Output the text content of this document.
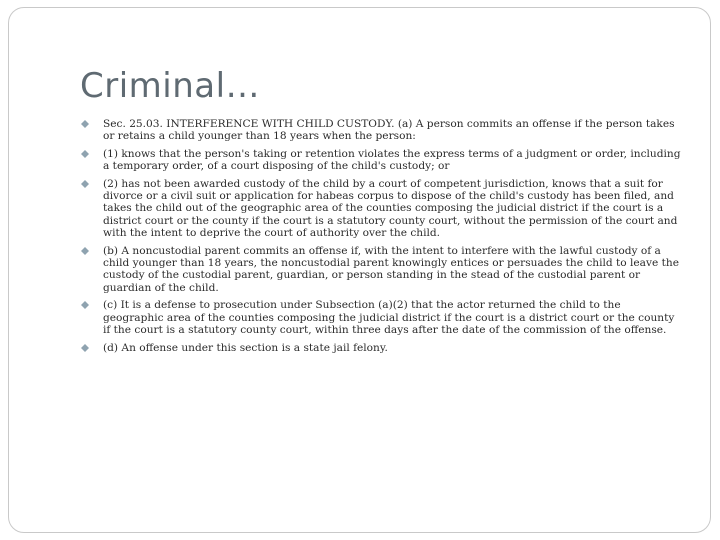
Criminal…
Sec. 25.03. INTERFERENCE WITH CHILD CUSTODY. (a) A person commits an offense if the person takes or retains a child younger than 18 years when the person:
(1) knows that the person's taking or retention violates the express terms of a judgment or order, including a temporary order, of a court disposing of the child's custody; or
(2) has not been awarded custody of the child by a court of competent jurisdiction, knows that a suit for divorce or a civil suit or application for habeas corpus to dispose of the child's custody has been filed, and takes the child out of the geographic area of the counties composing the judicial district if the court is a district court or the county if the court is a statutory county court, without the permission of the court and with the intent to deprive the court of authority over the child.
(b) A noncustodial parent commits an offense if, with the intent to interfere with the lawful custody of a child younger than 18 years, the noncustodial parent knowingly entices or persuades the child to leave the custody of the custodial parent, guardian, or person standing in the stead of the custodial parent or guardian of the child.
(c) It is a defense to prosecution under Subsection (a)(2) that the actor returned the child to the geographic area of the counties composing the judicial district if the court is a district court or the county if the court is a statutory county court, within three days after the date of the commission of the offense.
(d) An offense under this section is a state jail felony.
